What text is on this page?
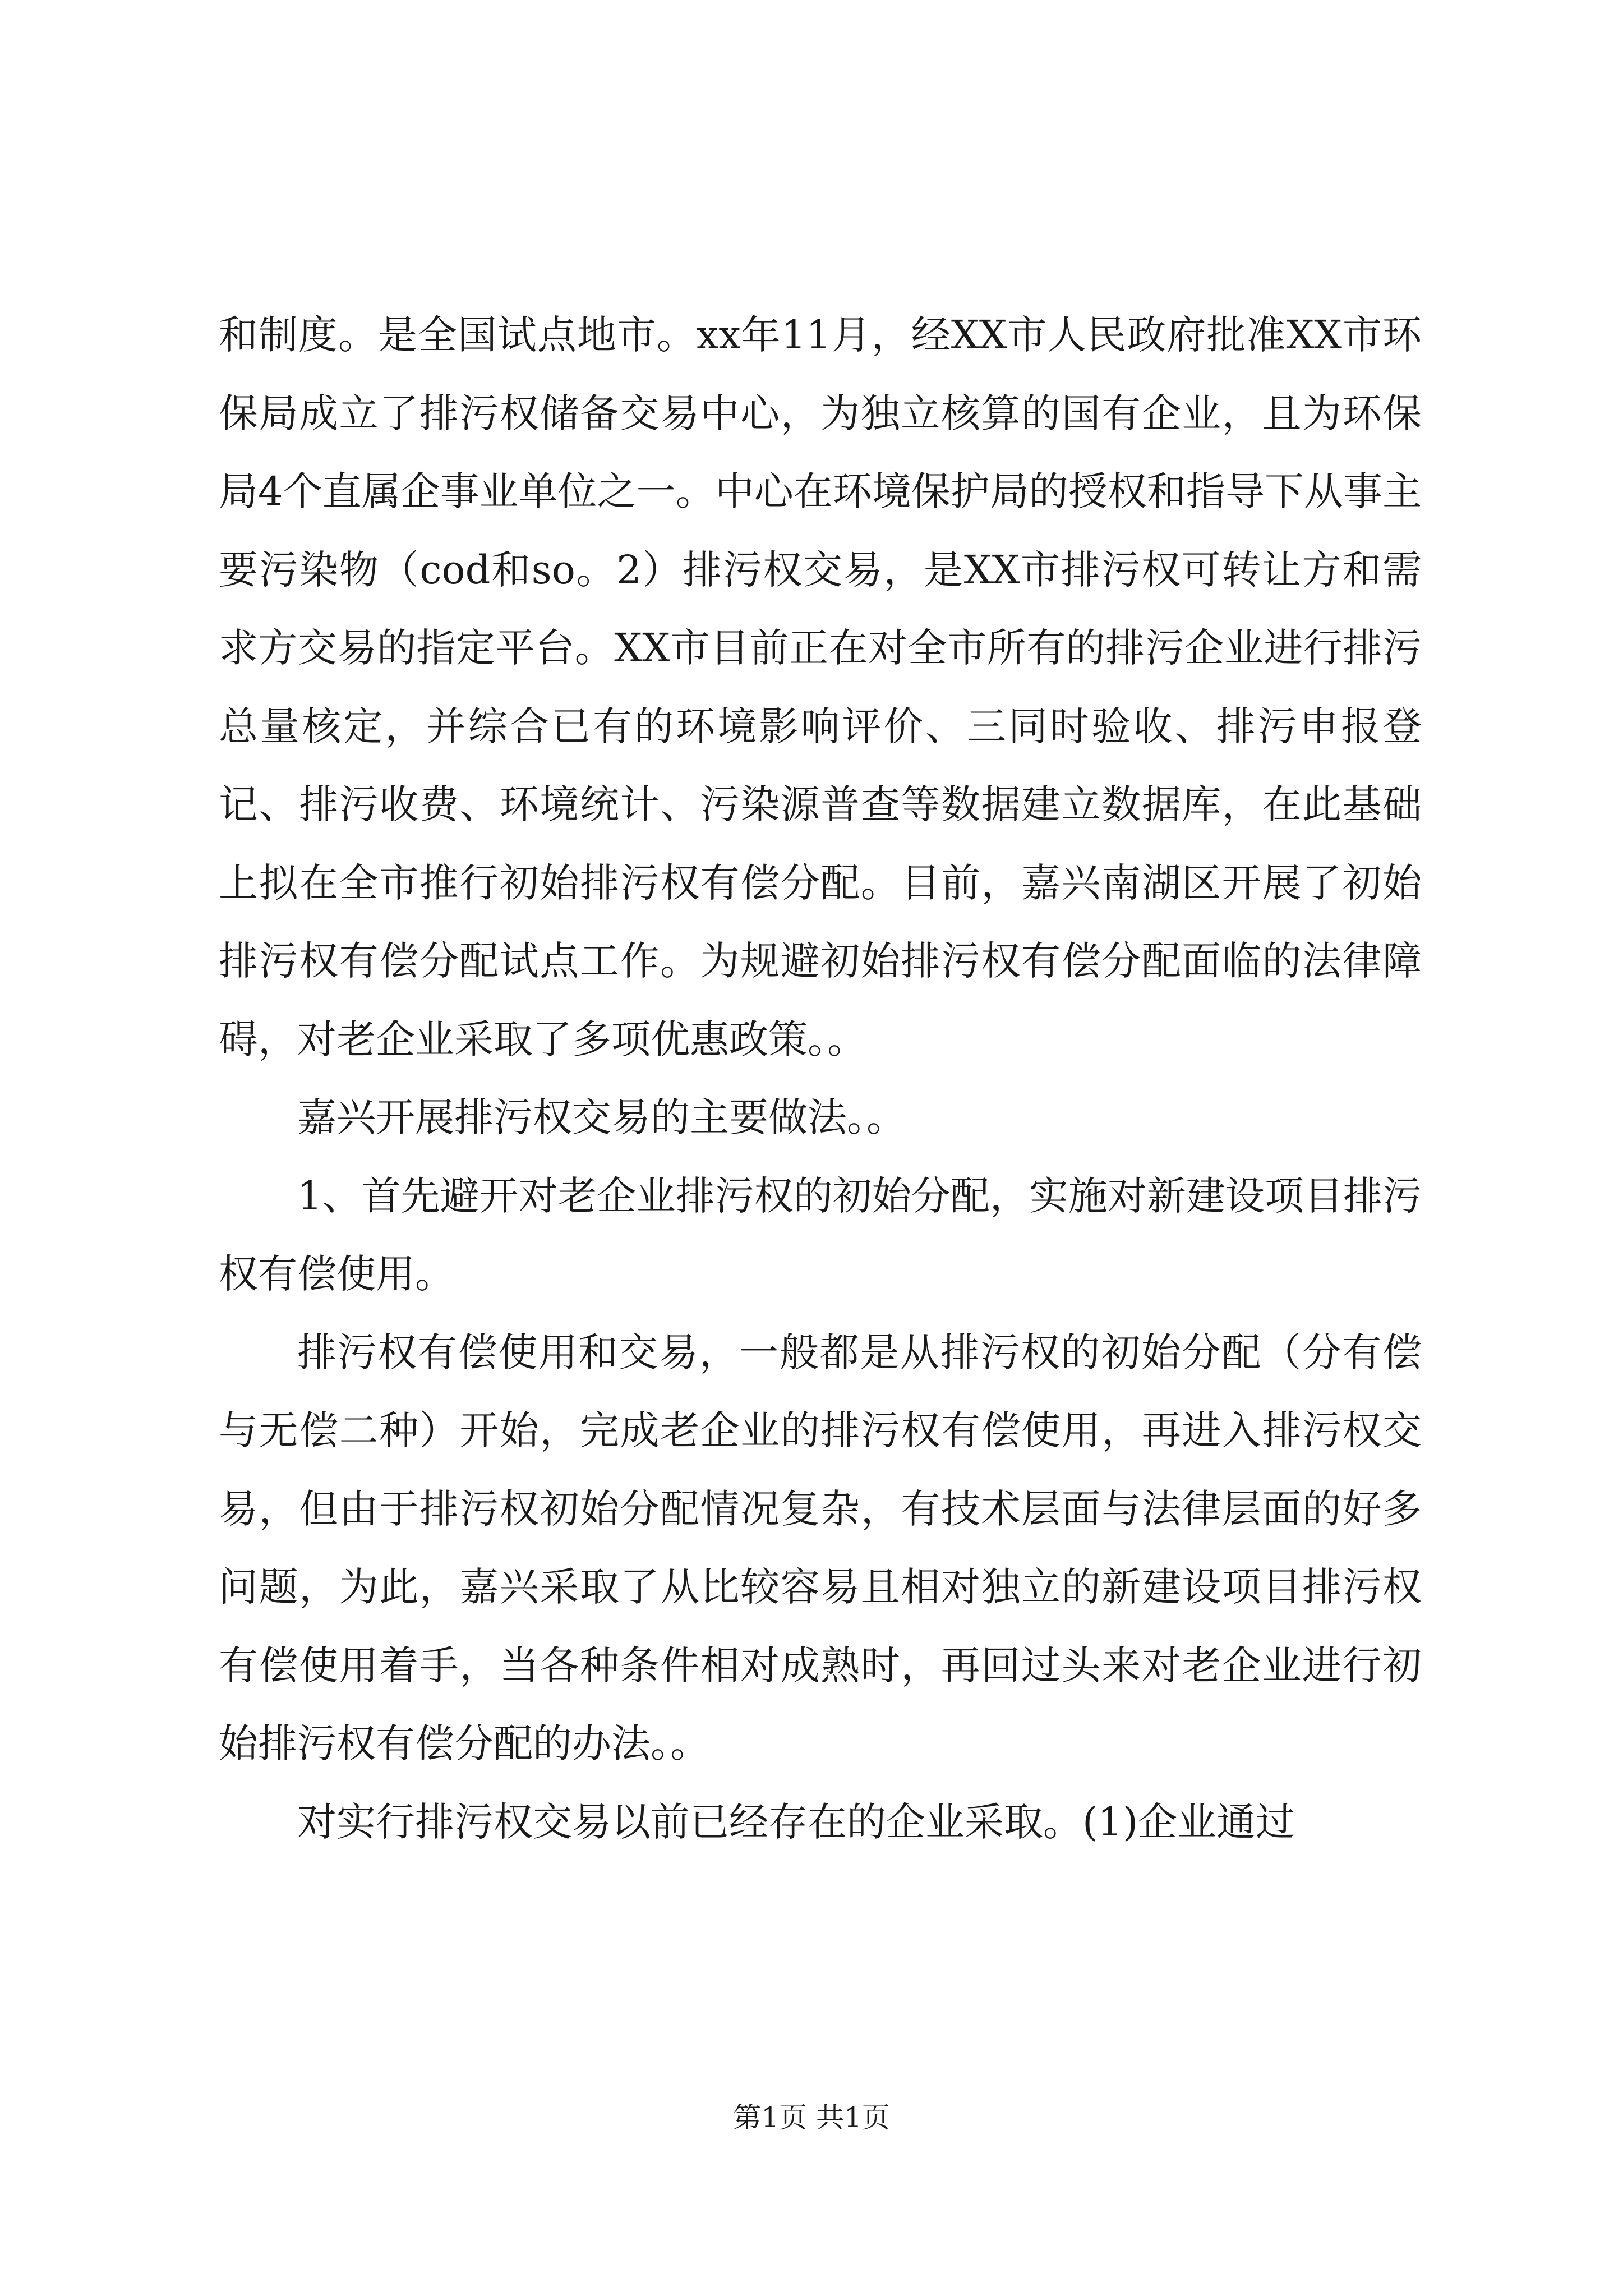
和制度。是全国试点地市。xx年11月，经XX市人民政府批准XX市环保局成立了排污权储备交易中心，为独立核算的国有企业，且为环保局4个直属企事业单位之一。中心在环境保护局的授权和指导下从事主要污染物（cod和so。2）排污权交易，是XX市排污权可转让方和需求方交易的指定平台。XX市目前正在对全市所有的排污企业进行排污总量核定，并综合已有的环境影响评价、三同时验收、排污申报登记、排污收费、环境统计、污染源普查等数据建立数据库，在此基础上拟在全市推行初始排污权有偿分配。目前，嘉兴南湖区开展了初始排污权有偿分配试点工作。为规避初始排污权有偿分配面临的法律障碍，对老企业采取了多项优惠政策。。

嘉兴开展排污权交易的主要做法。。

1、首先避开对老企业排污权的初始分配，实施对新建设项目排污权有偿使用。

排污权有偿使用和交易，一般都是从排污权的初始分配（分有偿与无偿二种）开始，完成老企业的排污权有偿使用，再进入排污权交易，但由于排污权初始分配情况复杂，有技术层面与法律层面的好多问题，为此，嘉兴采取了从比较容易且相对独立的新建设项目排污权有偿使用着手，当各种条件相对成熟时，再回过头来对老企业进行初始排污权有偿分配的办法。。

对实行排污权交易以前已经存在的企业采取。(1)企业通过

第1页 共1页
